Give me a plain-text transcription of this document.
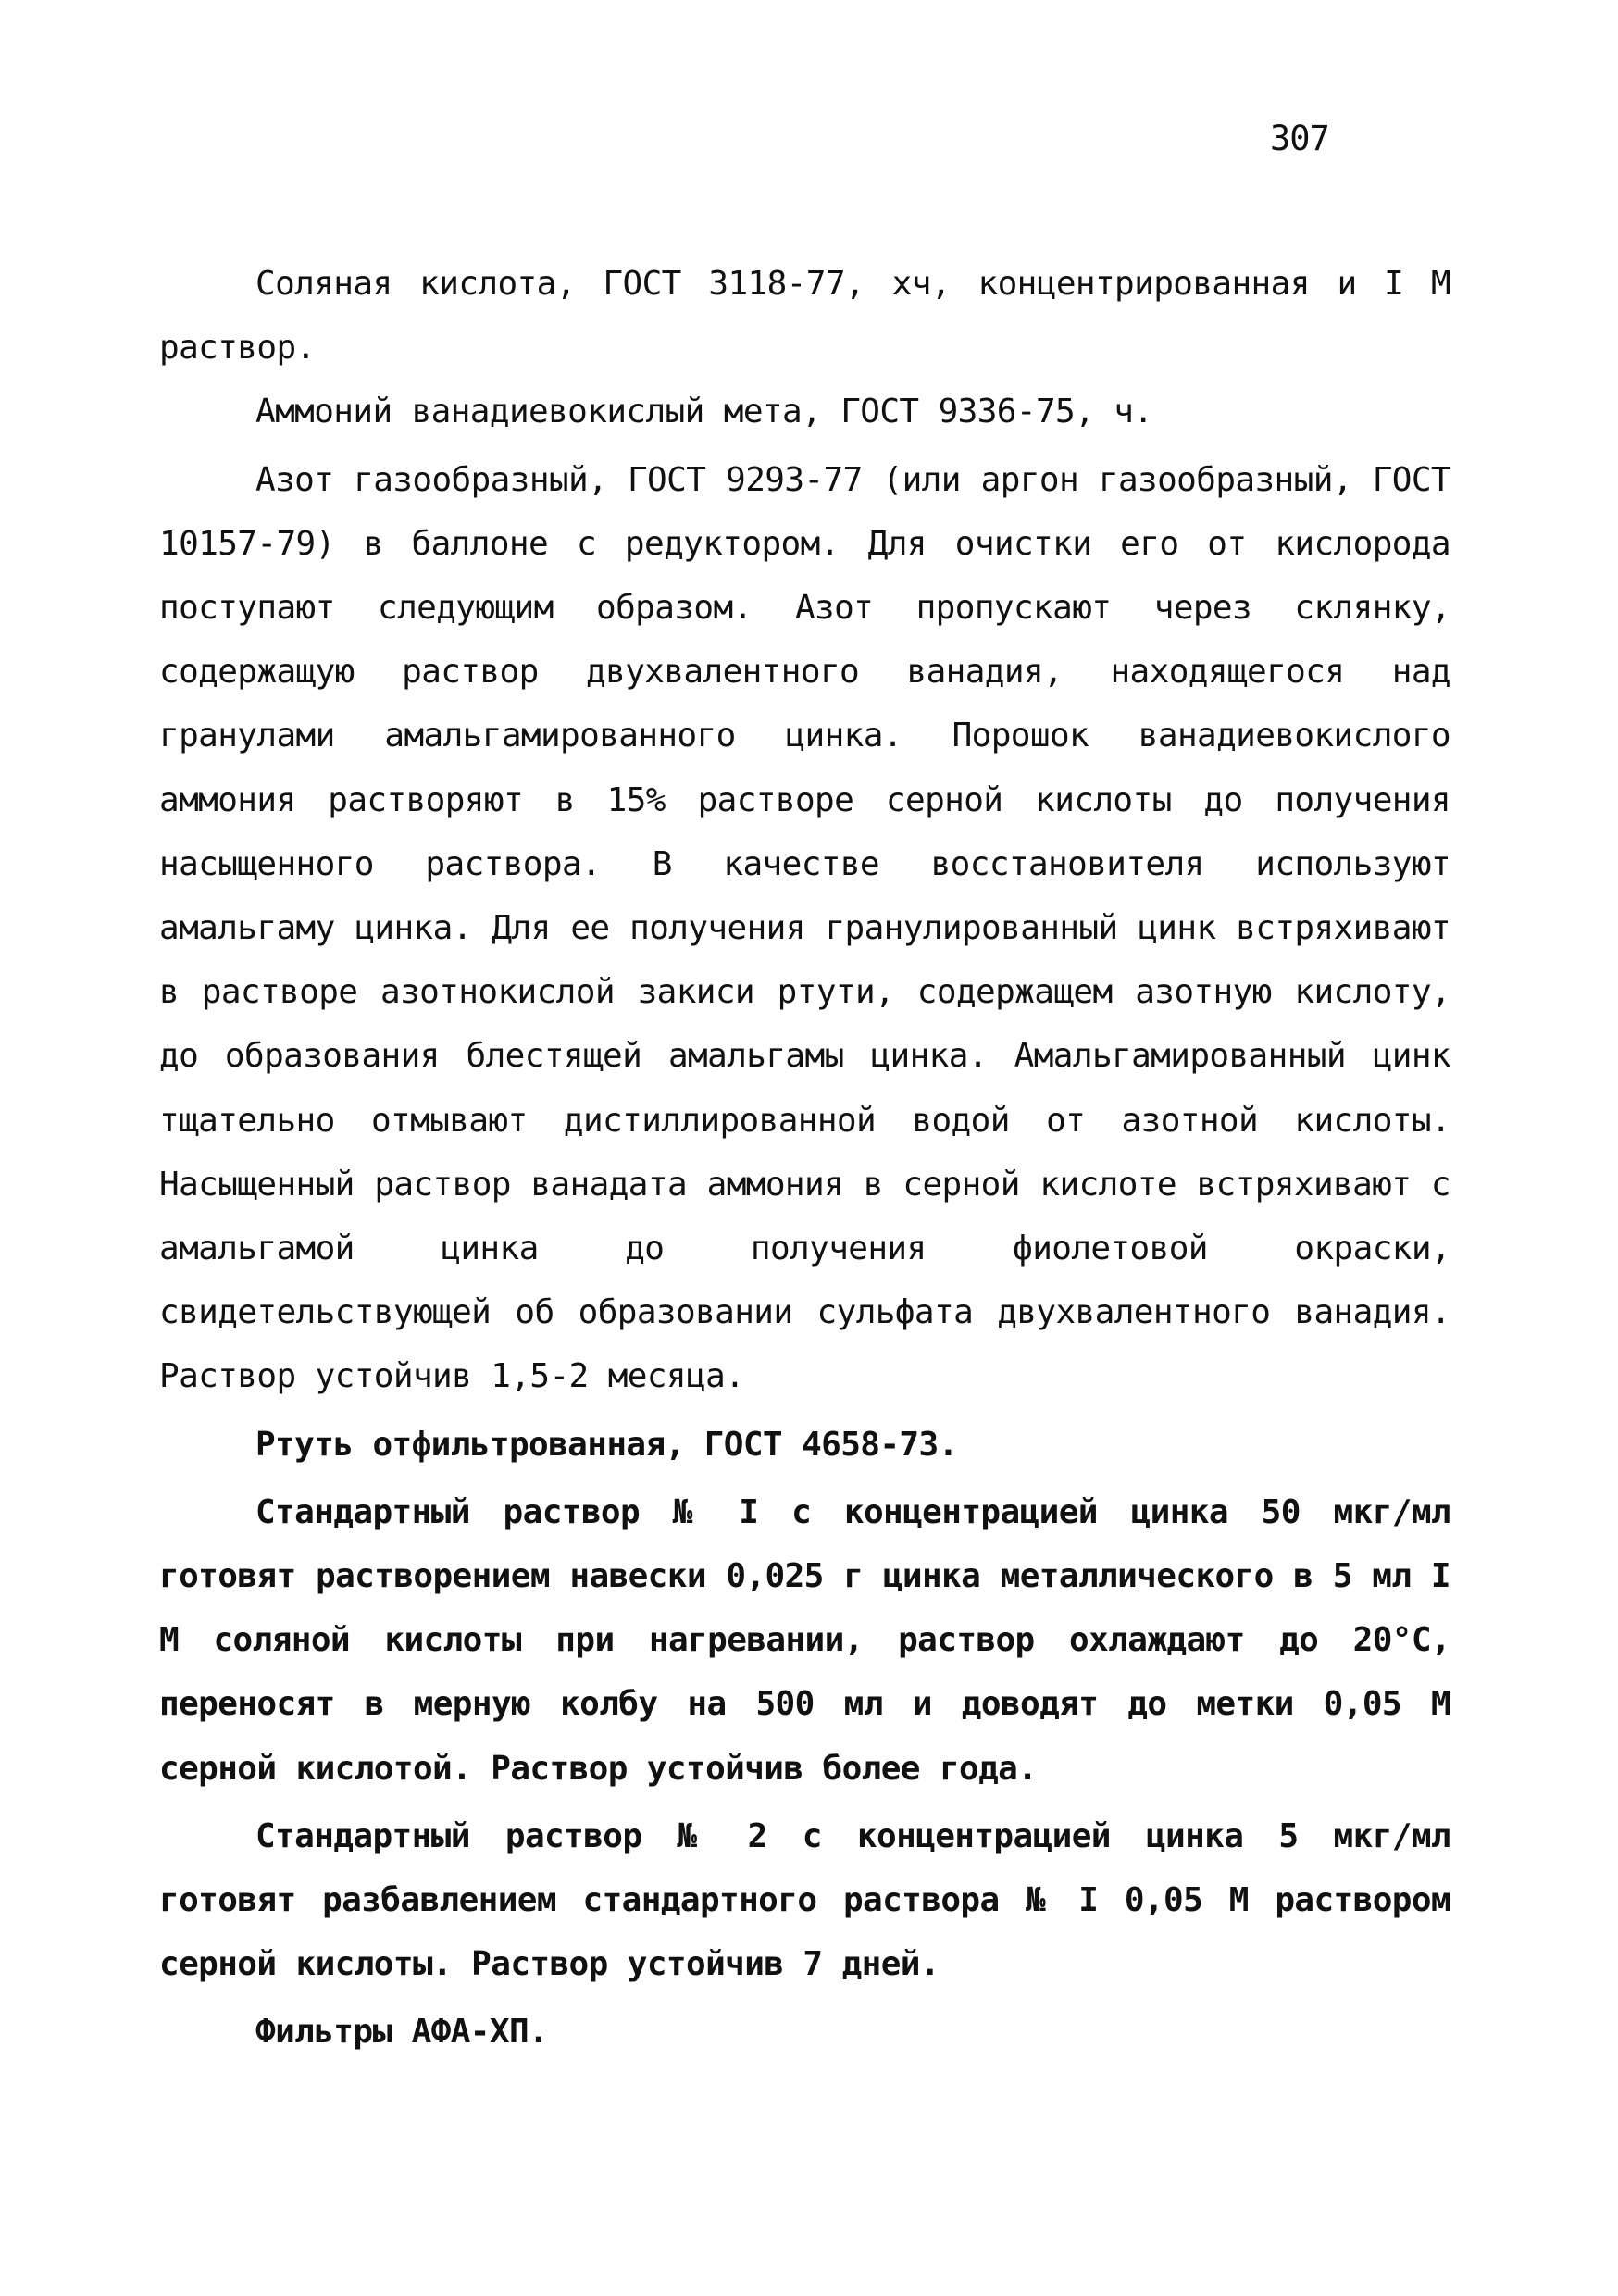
307

Соляная кислота, ГОСТ 3118-77, хч, концентрированная и I М раствор.

Аммоний ванадиевокислый мета, ГОСТ 9336-75, ч.

Азот газообразный, ГОСТ 9293-77 (или аргон газообразный, ГОСТ 10157-79) в баллоне с редуктором. Для очистки его от кислорода поступают следующим образом. Азот пропускают через склянку, содержащую раствор двухвалентного ванадия, находящегося над гранулами амальгамированного цинка. Порошок ванадиевокислого аммония растворяют в 15% растворе серной кислоты до получения насыщенного раствора. В качестве восстановителя используют амальгаму цинка. Для ее получения гранулированный цинк встряхивают в растворе азотнокислой закиси ртути, содержащем азотную кислоту, до образования блестящей амальгамы цинка. Амальгамированный цинк тщательно отмывают дистиллированной водой от азотной кислоты. Насыщенный раствор ванадата аммония в серной кислоте встряхивают с амальгамой цинка до получения фиолетовой окраски, свидетельствующей об образовании сульфата двухвалентного ванадия. Раствор устойчив 1,5-2 месяца.

Ртуть отфильтрованная, ГОСТ 4658-73.

Стандартный раствор № I с концентрацией цинка 50 мкг/мл готовят растворением навески 0,025 г цинка металлического в 5 мл I М соляной кислоты при нагревании, раствор охлаждают до 20°С, переносят в мерную колбу на 500 мл и доводят до метки 0,05 М серной кислотой. Раствор устойчив более года.

Стандартный раствор № 2 с концентрацией цинка 5 мкг/мл готовят разбавлением стандартного раствора № I 0,05 М раствором серной кислоты. Раствор устойчив 7 дней.

Фильтры АФА-ХП.
